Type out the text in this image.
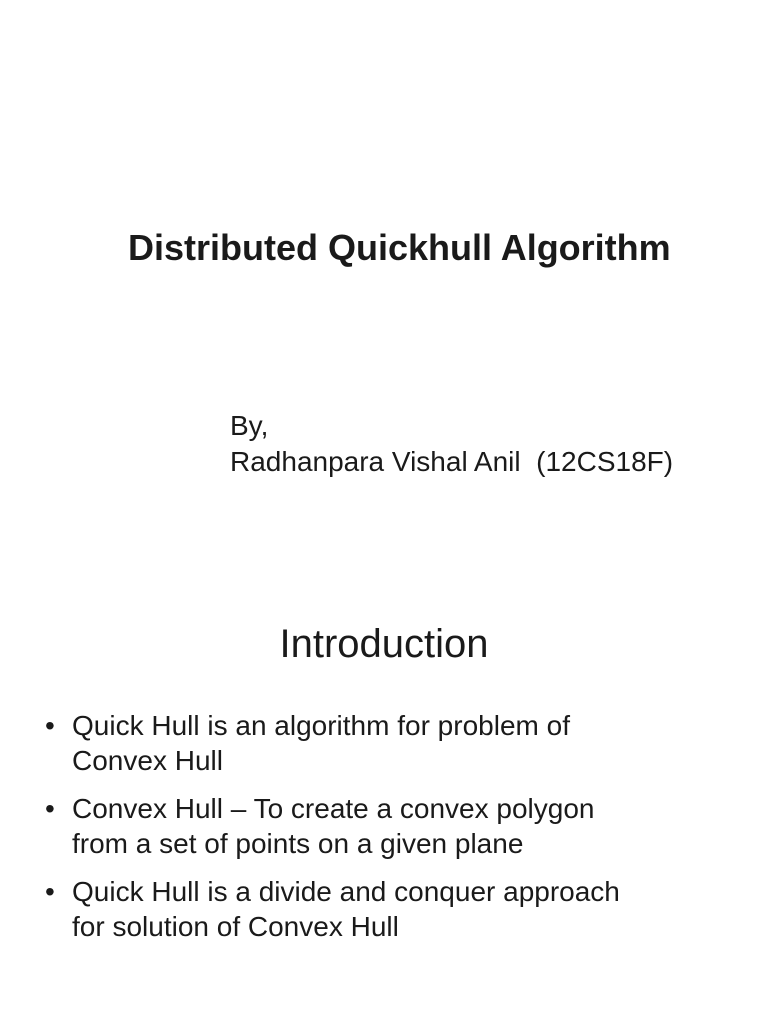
Distributed Quickhull Algorithm
By,
Radhanpara Vishal Anil  (12CS18F)
Introduction
• Quick Hull is an algorithm for problem of
Convex Hull
• Convex Hull – To create a convex polygon
from a set of points on a given plane
• Quick Hull is a divide and conquer approach
for solution of Convex Hull
